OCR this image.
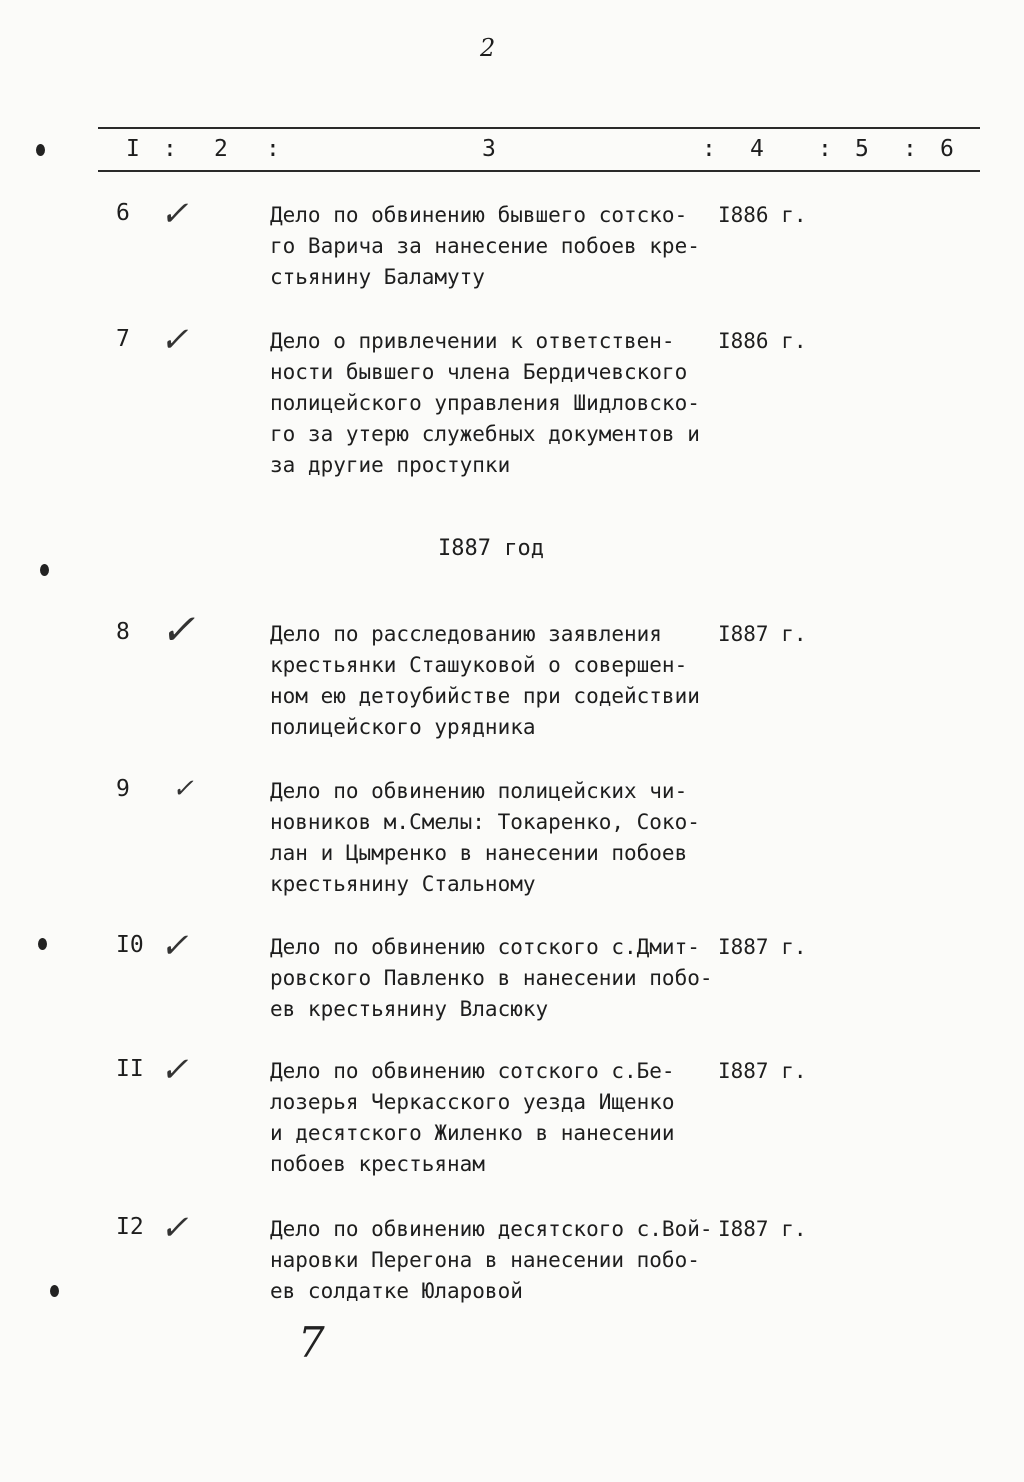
2
I : 2 :	3	: 4 : 5 : 6
6 ✓	Дело по обвинению бывшего сотско-
го Варича за нанесение побоев кре-
стьянину Баламуту
I886 г.
7 ✓	Дело о привлечении к ответствен-
ности бывшего члена Бердичевского
полицейского управления Шидловско-
го за утерю служебных документов и
за другие проступки
I886 г.
I887 год
8 ✓	Дело по расследованию заявления
крестьянки Сташуковой о совершен-
ном ею детоубийстве при содействии
полицейского урядника
I887 г.
9 ✓	Дело по обвинению полицейских чи-
новников м.Смелы: Токаренко, Соко-
лан и Цымренко в нанесении побоев
крестьянину Стальному
I0 ✓	Дело по обвинению сотского с.Дмит-
ровского Павленко в нанесении побо-
ев крестьянину Власюку
I887 г.
II ✓	Дело по обвинению сотского с.Бе-
лозерья Черкасского уезда Ищенко
и десятского Жиленко в нанесении
побоев крестьянам
I887 г.
I2 ✓	Дело по обвинению десятского с.Вой-
наровки Перегона в нанесении побо-
ев солдатке Юларовой
I887 г.
7
